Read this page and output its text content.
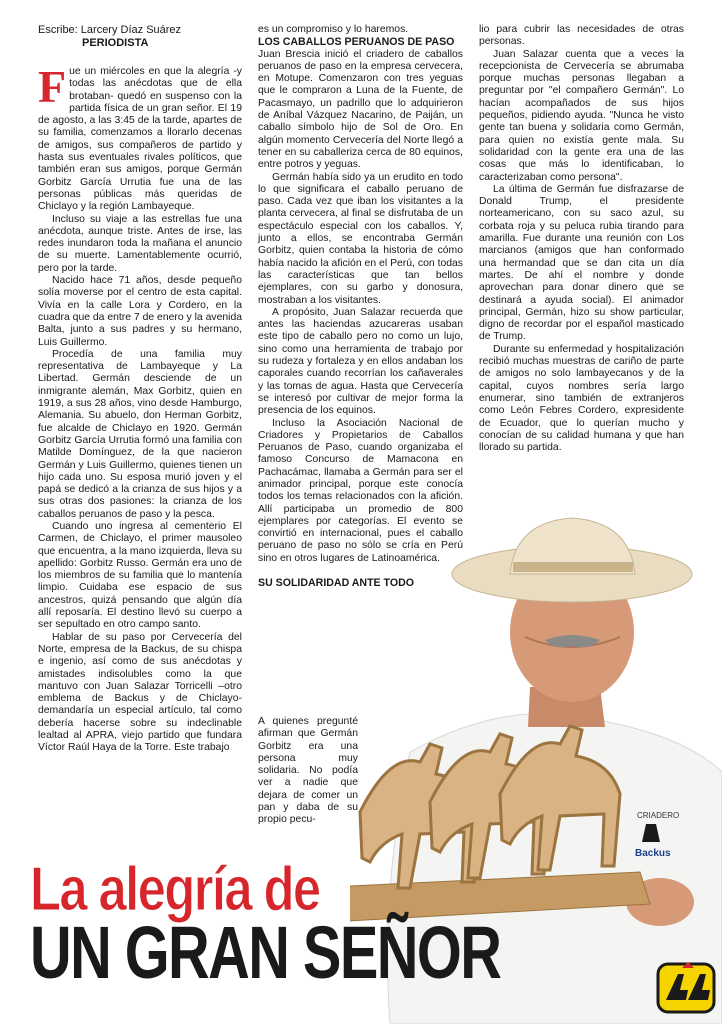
Escribe: Larcery Díaz Suárez
PERIODISTA

Fue un miércoles en que la alegría -y todas las anécdotas que de ella brotaban- quedó en suspenso con la partida física de un gran señor. El 19 de agosto, a las 3:45 de la tarde, apartes de su familia, comenzamos a llorarlo decenas de amigos, sus compañeros de partido y hasta sus eventuales rivales políticos, que también eran sus amigos, porque Germán Gorbitz García Urrutia fue una de las personas públicas más queridas de Chiclayo y la región Lambayeque.

Incluso su viaje a las estrellas fue una anécdota, aunque triste. Antes de irse, las redes inundaron toda la mañana el anuncio de su muerte. Lamentablemente ocurrió, pero por la tarde.

Nacido hace 71 años, desde pequeño solía moverse por el centro de esta capital. Vivía en la calle Lora y Cordero, en la cuadra que da entre 7 de enero y la avenida Balta, junto a sus padres y su hermano, Luis Guillermo.

Procedía de una familia muy representativa de Lambayeque y La Libertad. Germán desciende de un inmigrante alemán, Max Gorbitz, quien en 1919, a sus 28 años, vino desde Hamburgo, Alemania. Su abuelo, don Herman Gorbitz, fue alcalde de Chiclayo en 1920. Germán Gorbitz García Urrutia formó una familia con Matilde Domínguez, de la que nacieron Germán y Luis Guillermo, quienes tienen un hijo cada uno. Su esposa murió joven y el papá se dedicó a la crianza de sus hijos y a sus otras dos pasiones: la crianza de los caballos peruanos de paso y la pesca.

Cuando uno ingresa al cementerio El Carmen, de Chiclayo, el primer mausoleo que encuentra, a la mano izquierda, lleva su apellido: Gorbitz Russo. Germán era uno de los miembros de su familia que lo mantenía limpio. Cuidaba ese espacio de sus ancestros, quizá pensando que algún día allí reposaría. El destino llevó su cuerpo a ser sepultado en otro campo santo.

Hablar de su paso por Cervecería del Norte, empresa de la Backus, de su chispa e ingenio, así como de sus anécdotas y amistades indisolubles como la que mantuvo con Juan Salazar Torricelli –otro emblema de Backus y de Chiclayo- demandaría un especial artículo, tal como debería hacerse sobre su indeclinable lealtad al APRA, viejo partido que fundara Víctor Raúl Haya de la Torre. Este trabajo

es un compromiso y lo haremos.

LOS CABALLOS PERUANOS DE PASO

Juan Brescia inició el criadero de caballos peruanos de paso en la empresa cervecera, en Motupe. Comenzaron con tres yeguas que le compraron a Luna de la Fuente, de Pacasmayo, un padrillo que lo adquirieron de Aníbal Vázquez Nacarino, de Paiján, un caballo símbolo hijo de Sol de Oro. En algún momento Cervecería del Norte llegó a tener en su caballeriza cerca de 80 equinos, entre potros y yeguas.

Germán había sido ya un erudito en todo lo que significara el caballo peruano de paso. Cada vez que iban los visitantes a la planta cervecera, al final se disfrutaba de un espectáculo especial con los caballos. Y, junto a ellos, se encontraba Germán Gorbitz, quien contaba la historia de cómo había nacido la afición en el Perú, con todas las características que tan bellos ejemplares, con su garbo y donosura, mostraban a los visitantes.

A propósito, Juan Salazar recuerda que antes las haciendas azucareras usaban este tipo de caballo pero no como un lujo, sino como una herramienta de trabajo por su rudeza y fortaleza y en ellos andaban los caporales cuando recorrían los cañaverales y las tomas de agua. Hasta que Cervecería se interesó por cultivar de mejor forma la presencia de los equinos.

Incluso la Asociación Nacional de Criadores y Propietarios de Caballos Peruanos de Paso, cuando organizaba el famoso Concurso de Mamacona en Pachacámac, llamaba a Germán para ser el animador principal, porque este conocía todos los temas relacionados con la afición. Allí participaba un promedio de 800 ejemplares por categorías. El evento se convirtió en internacional, pues el caballo peruano de paso no sólo se cría en Perú sino en otros lugares de Latinoamérica.

SU SOLIDARIDAD ANTE TODO

A quienes pregunté afirman que Germán Gorbitz era una persona muy solidaria. No podía ver a nadie que dejara de comer un pan y daba de su propio pecu-

lio para cubrir las necesidades de otras personas.

Juan Salazar cuenta que a veces la recepcionista de Cervecería se abrumaba porque muchas personas llegaban a preguntar por "el compañero Germán". Lo hacían acompañados de sus hijos pequeños, pidiendo ayuda. "Nunca he visto gente tan buena y solidaria como Germán, para quien no existía gente mala. Su solidaridad con la gente era una de las cosas que más lo identificaban, lo caracterizaban como persona".

La última de Germán fue disfrazarse de Donald Trump, el presidente norteamericano, con su saco azul, su corbata roja y su peluca rubia tirando para amarilla. Fue durante una reunión con Los marcianos (amigos que han conformado una hermandad que se dan cita un día martes. De ahí el nombre y donde aprovechan para donar dinero que se destinará a ayuda social). El animador principal, Germán, hizo su show particular, digno de recordar por el español masticado de Trump.

Durante su enfermedad y hospitalización recibió muchas muestras de cariño de parte de amigos no solo lambayecanos y de la capital, cuyos nombres sería largo enumerar, sino también de extranjeros como León Febres Cordero, expresidente de Ecuador, que lo querían mucho y conocían de su calidad humana y que han llorado su partida.

CRIADERO
Backus
La alegría de
UN GRAN SEÑOR
